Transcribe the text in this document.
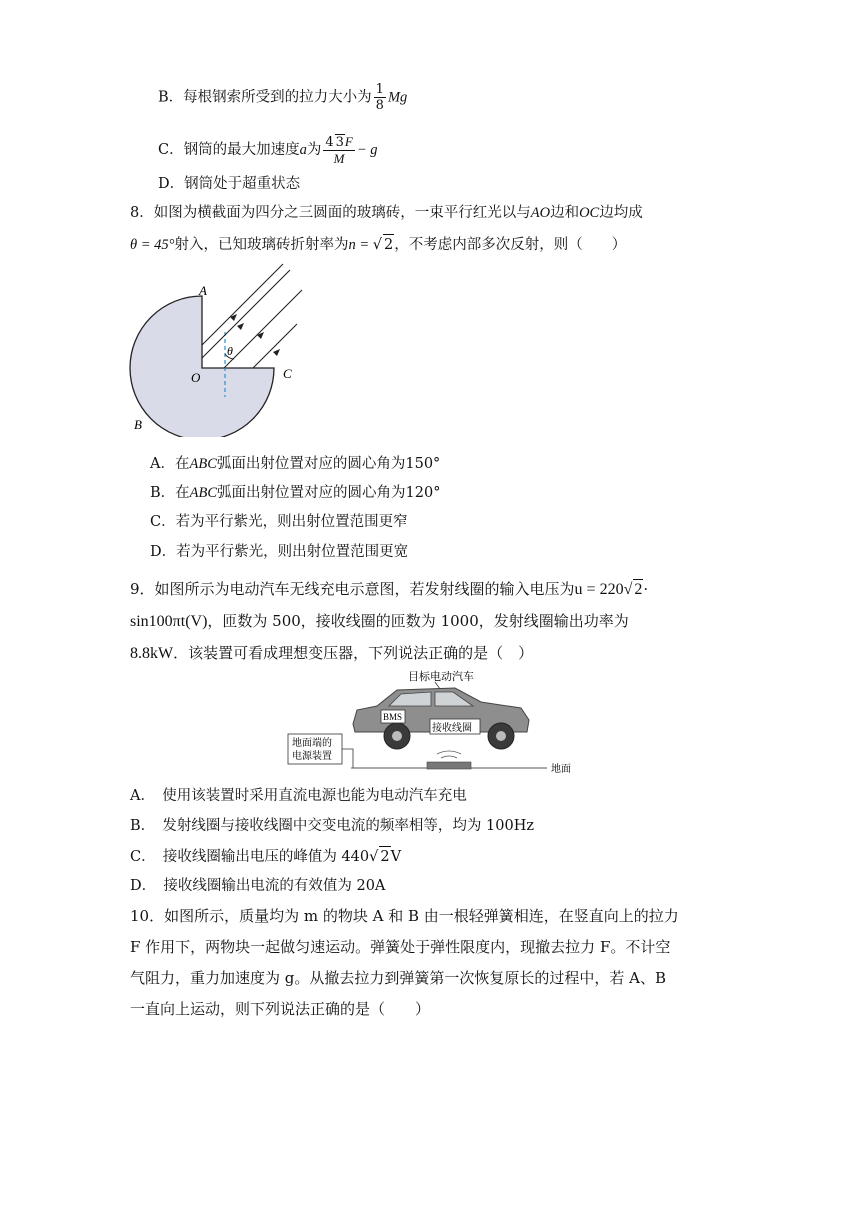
B．每根钢索所受到的拉力大小为 $\frac{1}{8}$ Mg
C．钢筒的最大加速度a为 $\frac{4 3F}{M} - g$
D．钢筒处于超重状态
8．如图为横截面为四分之三圆面的玻璃砖，一束平行红光以与AO边和OC边均成
θ = 45°射入，已知玻璃砖折射率为n = √ 2，不考虑内部多次反射，则（　　）
A
O	C
B
θ
A．在ABC弧面出射位置对应的圆心角为150°
B．在ABC弧面出射位置对应的圆心角为120°
C．若为平行紫光，则出射位置范围更窄
D．若为平行紫光，则出射位置范围更宽
9．如图所示为电动汽车无线充电示意图，若发射线圈的输入电压为u = 220√ 2·
sin100πt(V)，匝数为 500，接收线圈的匝数为 1000，发射线圈输出功率为
8.8kW．该装置可看成理想变压器，下列说法正确的是（　）
目标电动汽车
BMS
接收线圈
地面端的
电源装置
地面
A．　使用该装置时采用直流电源也能为电动汽车充电
B．　发射线圈与接收线圈中交变电流的频率相等，均为 100Hz
C．　接收线圈输出电压的峰值为 440√ 2V
D．　接收线圈输出电流的有效值为 20A
10．如图所示，质量均为 m 的物块 A 和 B 由一根轻弹簧相连，在竖直向上的拉力
F 作用下，两物块一起做匀速运动。弹簧处于弹性限度内，现撤去拉力 F。不计空
气阻力，重力加速度为 g。从撤去拉力到弹簧第一次恢复原长的过程中，若 A、B
一直向上运动，则下列说法正确的是（　　）
